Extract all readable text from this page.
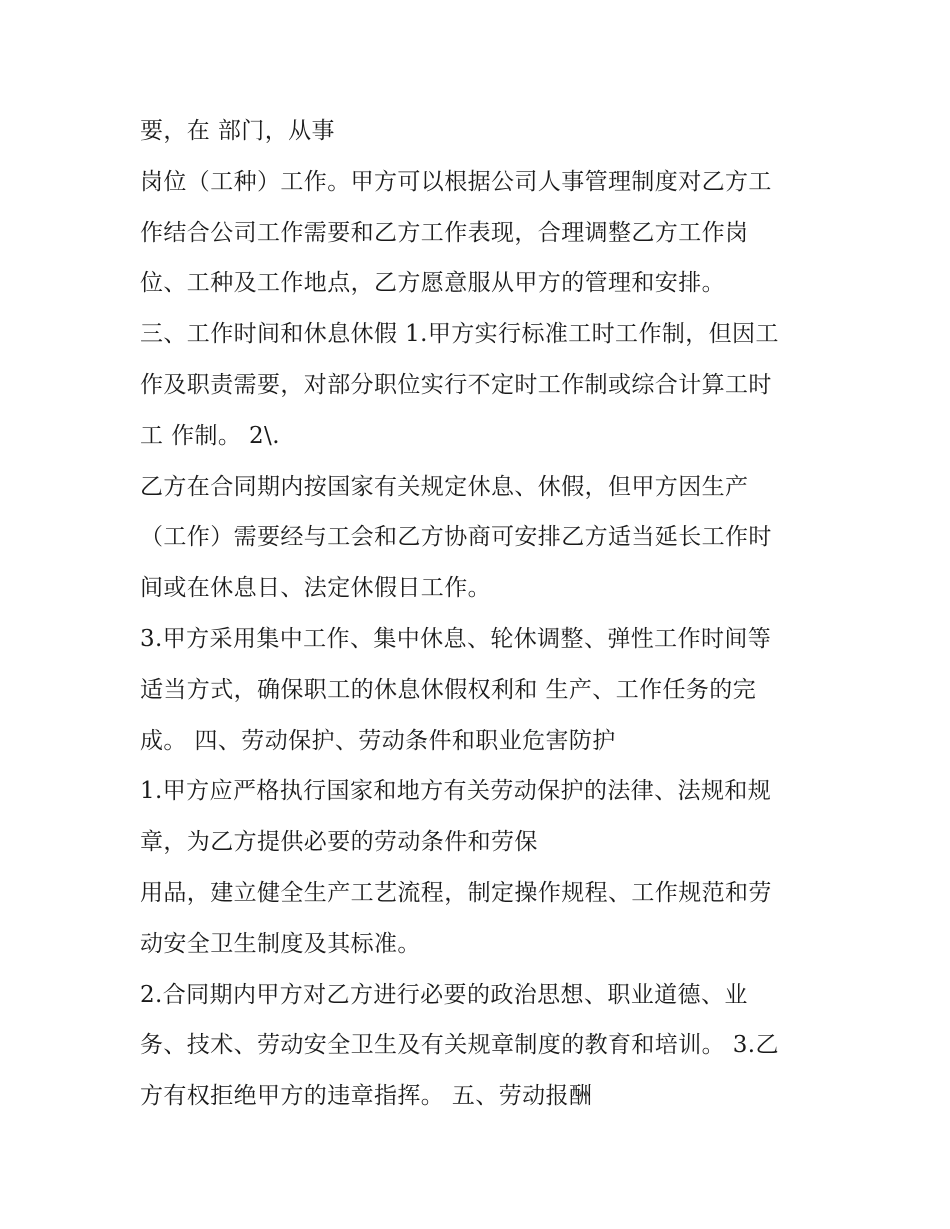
要，在 部门，从事
岗位（工种）工作。甲方可以根据公司人事管理制度对乙方工
作结合公司工作需要和乙方工作表现，合理调整乙方工作岗
位、工种及工作地点，乙方愿意服从甲方的管理和安排。
三、工作时间和休息休假 1.甲方实行标准工时工作制，但因工
作及职责需要，对部分职位实行不定时工作制或综合计算工时
工 作制。 2\.
乙方在合同期内按国家有关规定休息、休假，但甲方因生产
（工作）需要经与工会和乙方协商可安排乙方适当延长工作时
间或在休息日、法定休假日工作。
3.甲方采用集中工作、集中休息、轮休调整、弹性工作时间等
适当方式，确保职工的休息休假权利和 生产、工作任务的完
成。 四、劳动保护、劳动条件和职业危害防护
1.甲方应严格执行国家和地方有关劳动保护的法律、法规和规
章，为乙方提供必要的劳动条件和劳保
用品，建立健全生产工艺流程，制定操作规程、工作规范和劳
动安全卫生制度及其标准。
2.合同期内甲方对乙方进行必要的政治思想、职业道德、业
务、技术、劳动安全卫生及有关规章制度的教育和培训。 3.乙
方有权拒绝甲方的违章指挥。 五、劳动报酬
